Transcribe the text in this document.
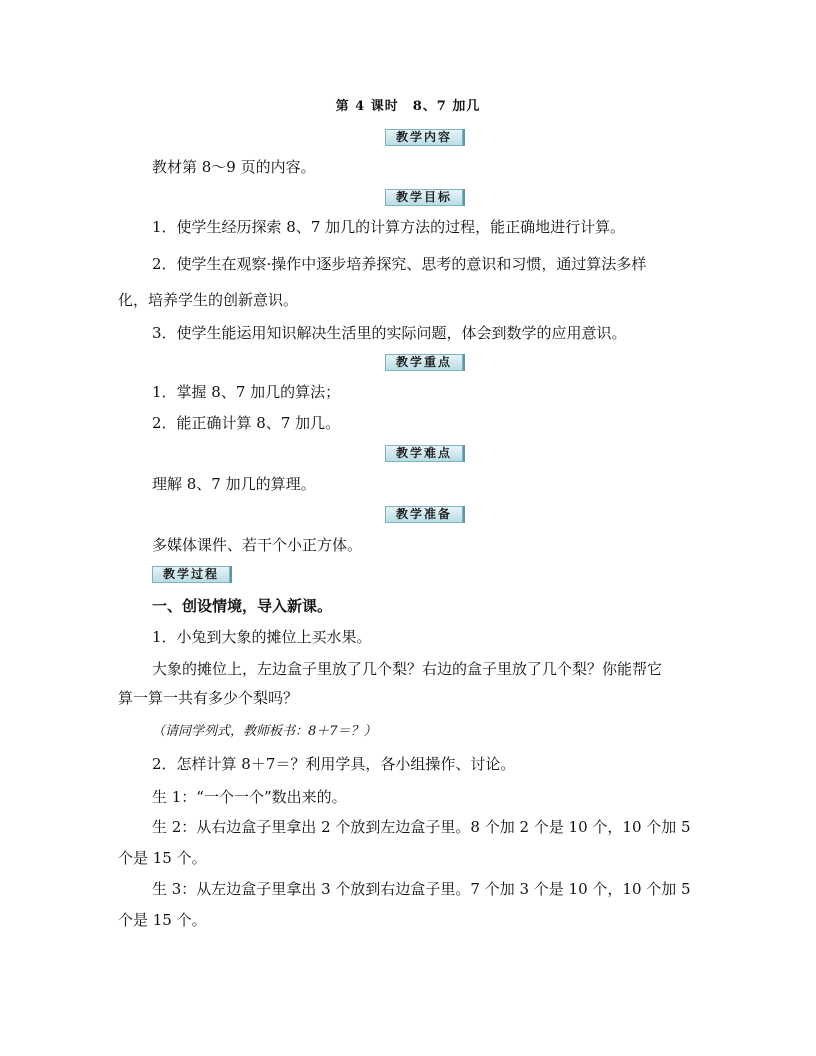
第 4 课时　8、7 加几
教学内容
教材第 8～9 页的内容。
教学目标
1．使学生经历探索 8、7 加几的计算方法的过程，能正确地进行计算。
2．使学生在观察·操作中逐步培养探究、思考的意识和习惯，通过算法多样
化，培养学生的创新意识。
3．使学生能运用知识解决生活里的实际问题，体会到数学的应用意识。
教学重点
1．掌握 8、7 加几的算法；
2．能正确计算 8、7 加几。
教学难点
理解 8、7 加几的算理。
教学准备
多媒体课件、若干个小正方体。
教学过程
一、创设情境，导入新课。
1．小兔到大象的摊位上买水果。
大象的摊位上，左边盒子里放了几个梨？右边的盒子里放了几个梨？你能帮它
算一算一共有多少个梨吗？
（请同学列式，教师板书：8＋7＝？）
2．怎样计算 8＋7＝？利用学具，各小组操作、讨论。
生 1：“一个一个”数出来的。
生 2：从右边盒子里拿出 2 个放到左边盒子里。8 个加 2 个是 10 个，10 个加 5
个是 15 个。
生 3：从左边盒子里拿出 3 个放到右边盒子里。7 个加 3 个是 10 个，10 个加 5
个是 15 个。
